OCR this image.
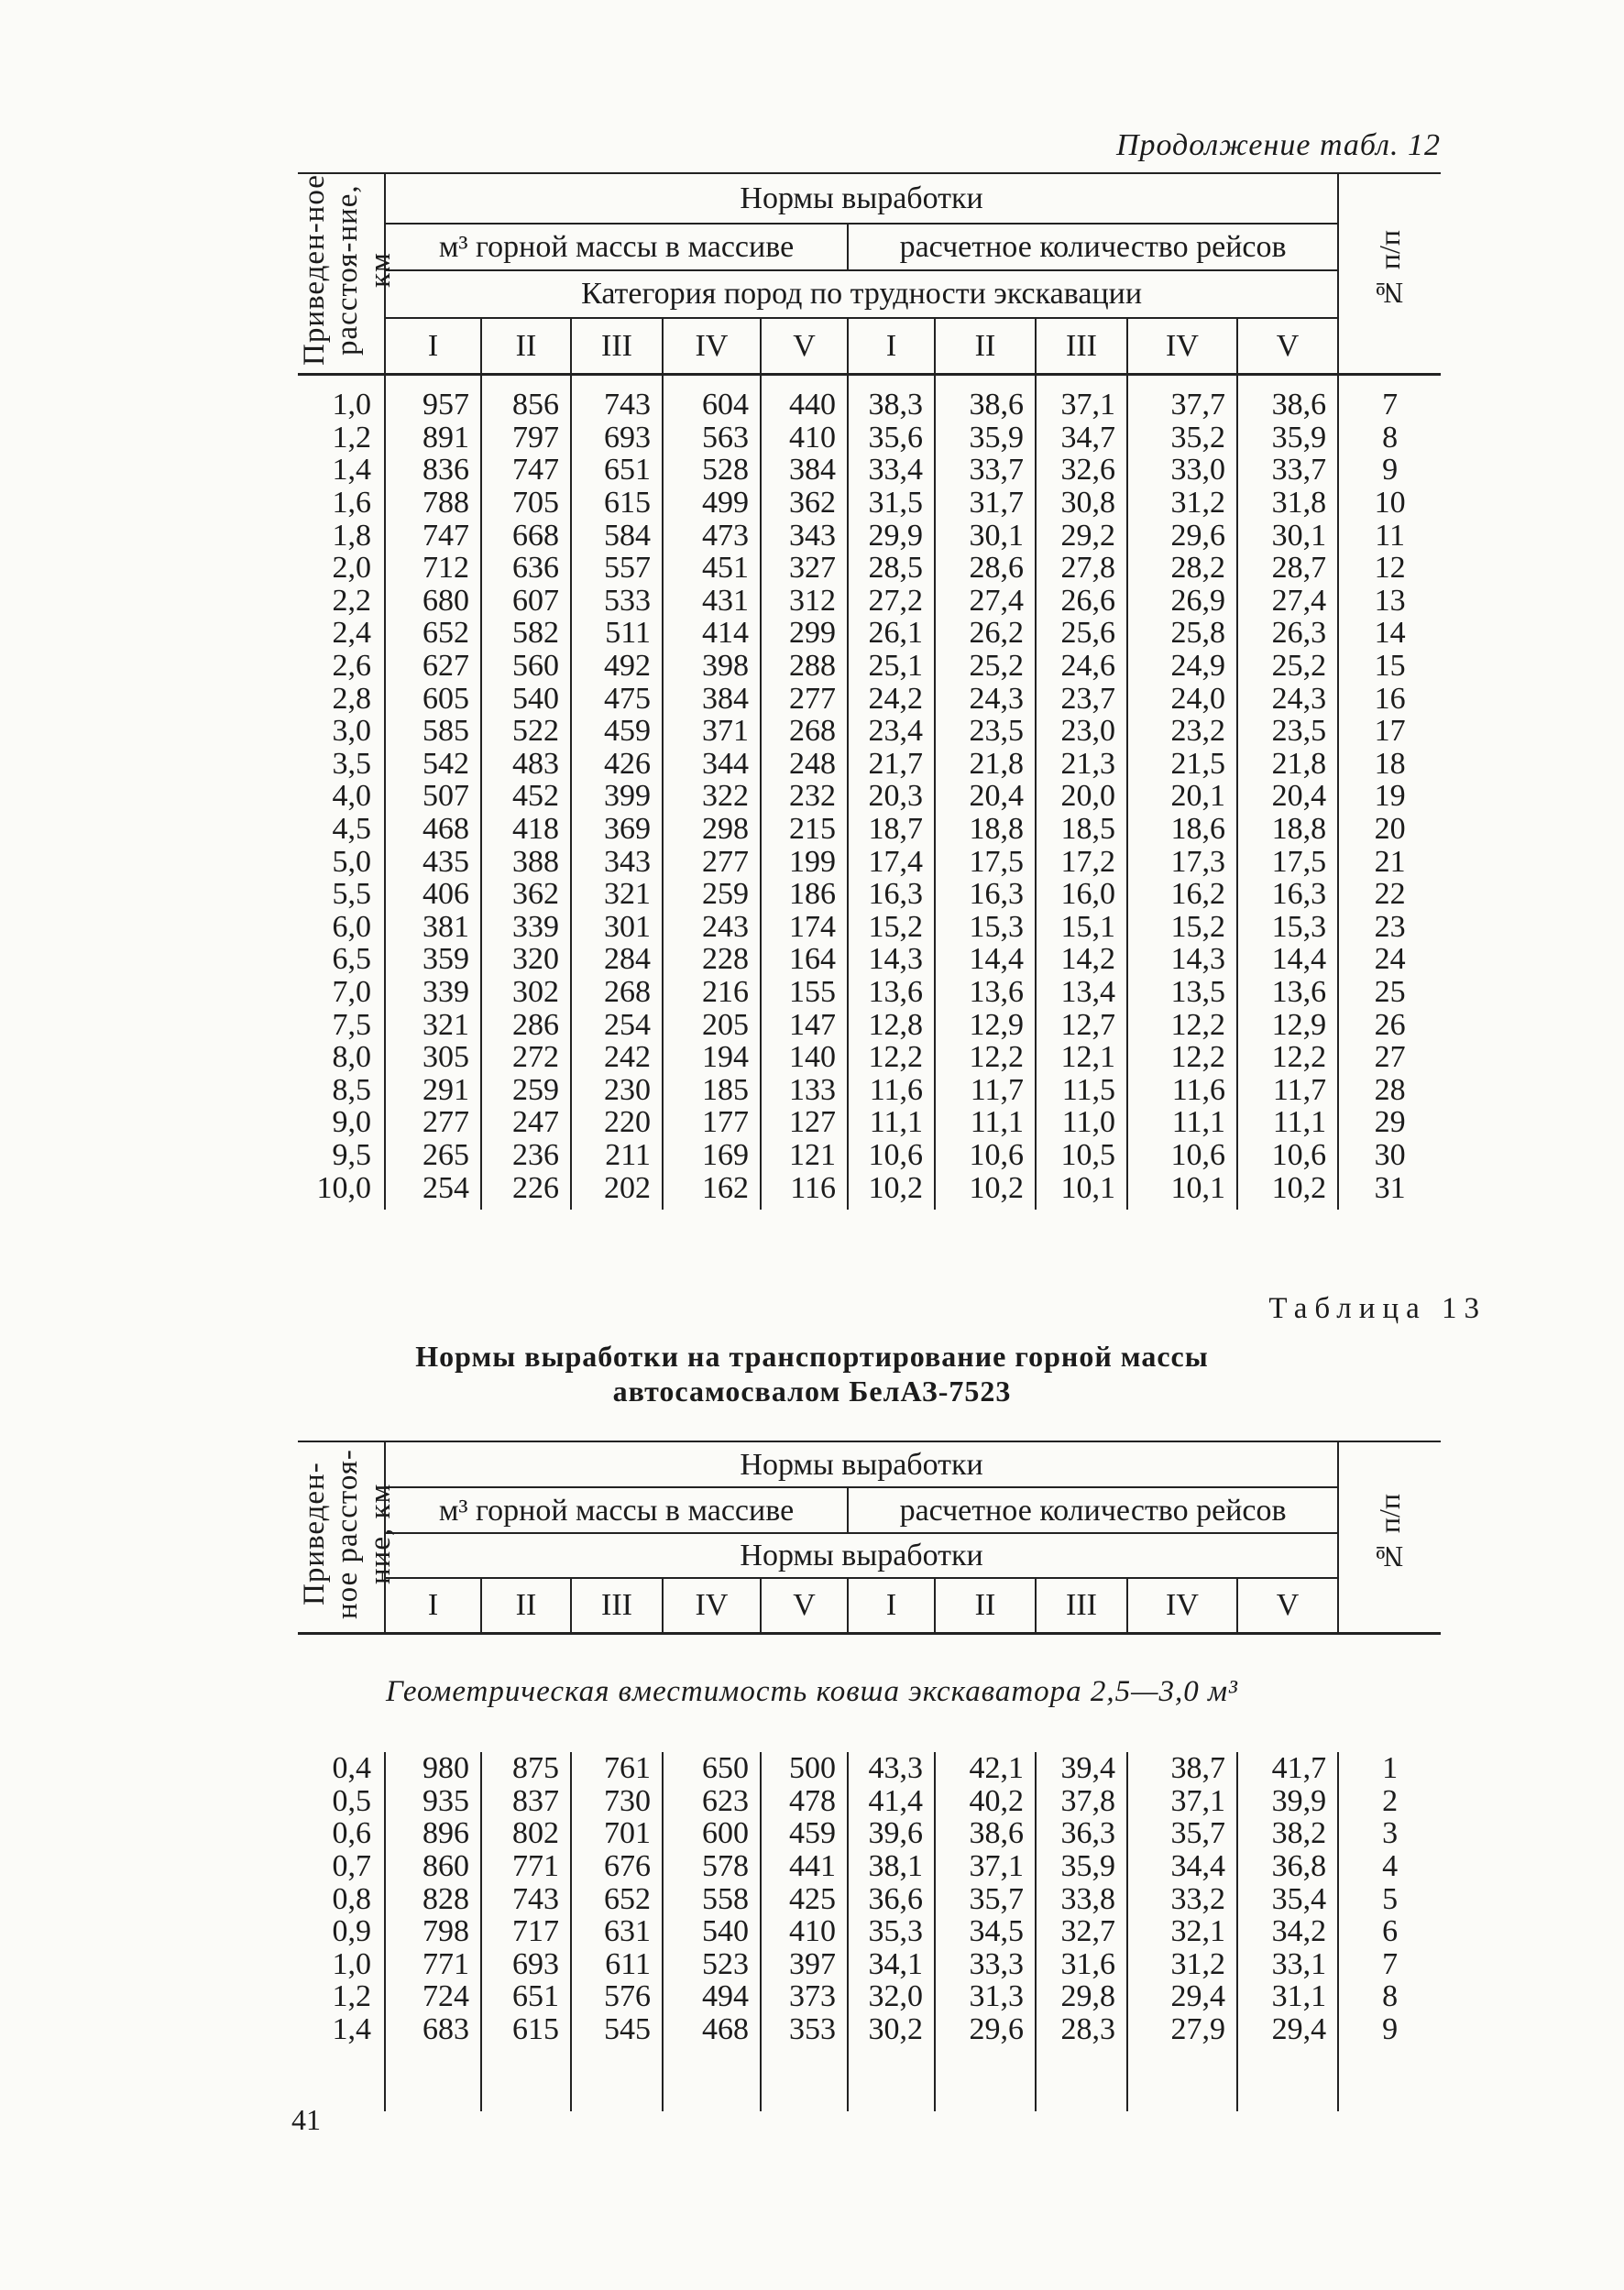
Продолжение табл. 12
Приведен-ное расстоя-ние, км	Нормы выработки										№ п/п
	м³ горной массы в массиве					расчетное количество рейсов					
	Категория пород по трудности экскавации										
	I	II	III	IV	V	I	II	III	IV	V	
1,0	957	856	743	604	440	38,3	38,6	37,1	37,7	38,6	7
1,2	891	797	693	563	410	35,6	35,9	34,7	35,2	35,9	8
1,4	836	747	651	528	384	33,4	33,7	32,6	33,0	33,7	9
1,6	788	705	615	499	362	31,5	31,7	30,8	31,2	31,8	10
1,8	747	668	584	473	343	29,9	30,1	29,2	29,6	30,1	11
2,0	712	636	557	451	327	28,5	28,6	27,8	28,2	28,7	12
2,2	680	607	533	431	312	27,2	27,4	26,6	26,9	27,4	13
2,4	652	582	511	414	299	26,1	26,2	25,6	25,8	26,3	14
2,6	627	560	492	398	288	25,1	25,2	24,6	24,9	25,2	15
2,8	605	540	475	384	277	24,2	24,3	23,7	24,0	24,3	16
3,0	585	522	459	371	268	23,4	23,5	23,0	23,2	23,5	17
3,5	542	483	426	344	248	21,7	21,8	21,3	21,5	21,8	18
4,0	507	452	399	322	232	20,3	20,4	20,0	20,1	20,4	19
4,5	468	418	369	298	215	18,7	18,8	18,5	18,6	18,8	20
5,0	435	388	343	277	199	17,4	17,5	17,2	17,3	17,5	21
5,5	406	362	321	259	186	16,3	16,3	16,0	16,2	16,3	22
6,0	381	339	301	243	174	15,2	15,3	15,1	15,2	15,3	23
6,5	359	320	284	228	164	14,3	14,4	14,2	14,3	14,4	24
7,0	339	302	268	216	155	13,6	13,6	13,4	13,5	13,6	25
7,5	321	286	254	205	147	12,8	12,9	12,7	12,2	12,9	26
8,0	305	272	242	194	140	12,2	12,2	12,1	12,2	12,2	27
8,5	291	259	230	185	133	11,6	11,7	11,5	11,6	11,7	28
9,0	277	247	220	177	127	11,1	11,1	11,0	11,1	11,1	29
9,5	265	236	211	169	121	10,6	10,6	10,5	10,6	10,6	30
10,0	254	226	202	162	116	10,2	10,2	10,1	10,1	10,2	31

Таблица 13
Нормы выработки на транспортирование горной массы
автосамосвалом БелАЗ-7523
Приведен-ное расстоя-ние, км	Нормы выработки										№ п/п
	м³ горной массы в массиве					расчетное количество рейсов					
	Нормы выработки										
	I	II	III	IV	V	I	II	III	IV	V	

0,4	980	875	761	650	500	43,3	42,1	39,4	38,7	41,7	1
0,5	935	837	730	623	478	41,4	40,2	37,8	37,1	39,9	2
0,6	896	802	701	600	459	39,6	38,6	36,3	35,7	38,2	3
0,7	860	771	676	578	441	38,1	37,1	35,9	34,4	36,8	4
0,8	828	743	652	558	425	36,6	35,7	33,8	33,2	35,4	5
0,9	798	717	631	540	410	35,3	34,5	32,7	32,1	34,2	6
1,0	771	693	611	523	397	34,1	33,3	31,6	31,2	33,1	7
1,2	724	651	576	494	373	32,0	31,3	29,8	29,4	31,1	8
1,4	683	615	545	468	353	30,2	29,6	28,3	27,9	29,4	9

Геометрическая вместимость ковша экскаватора 2,5—3,0 м³
41
